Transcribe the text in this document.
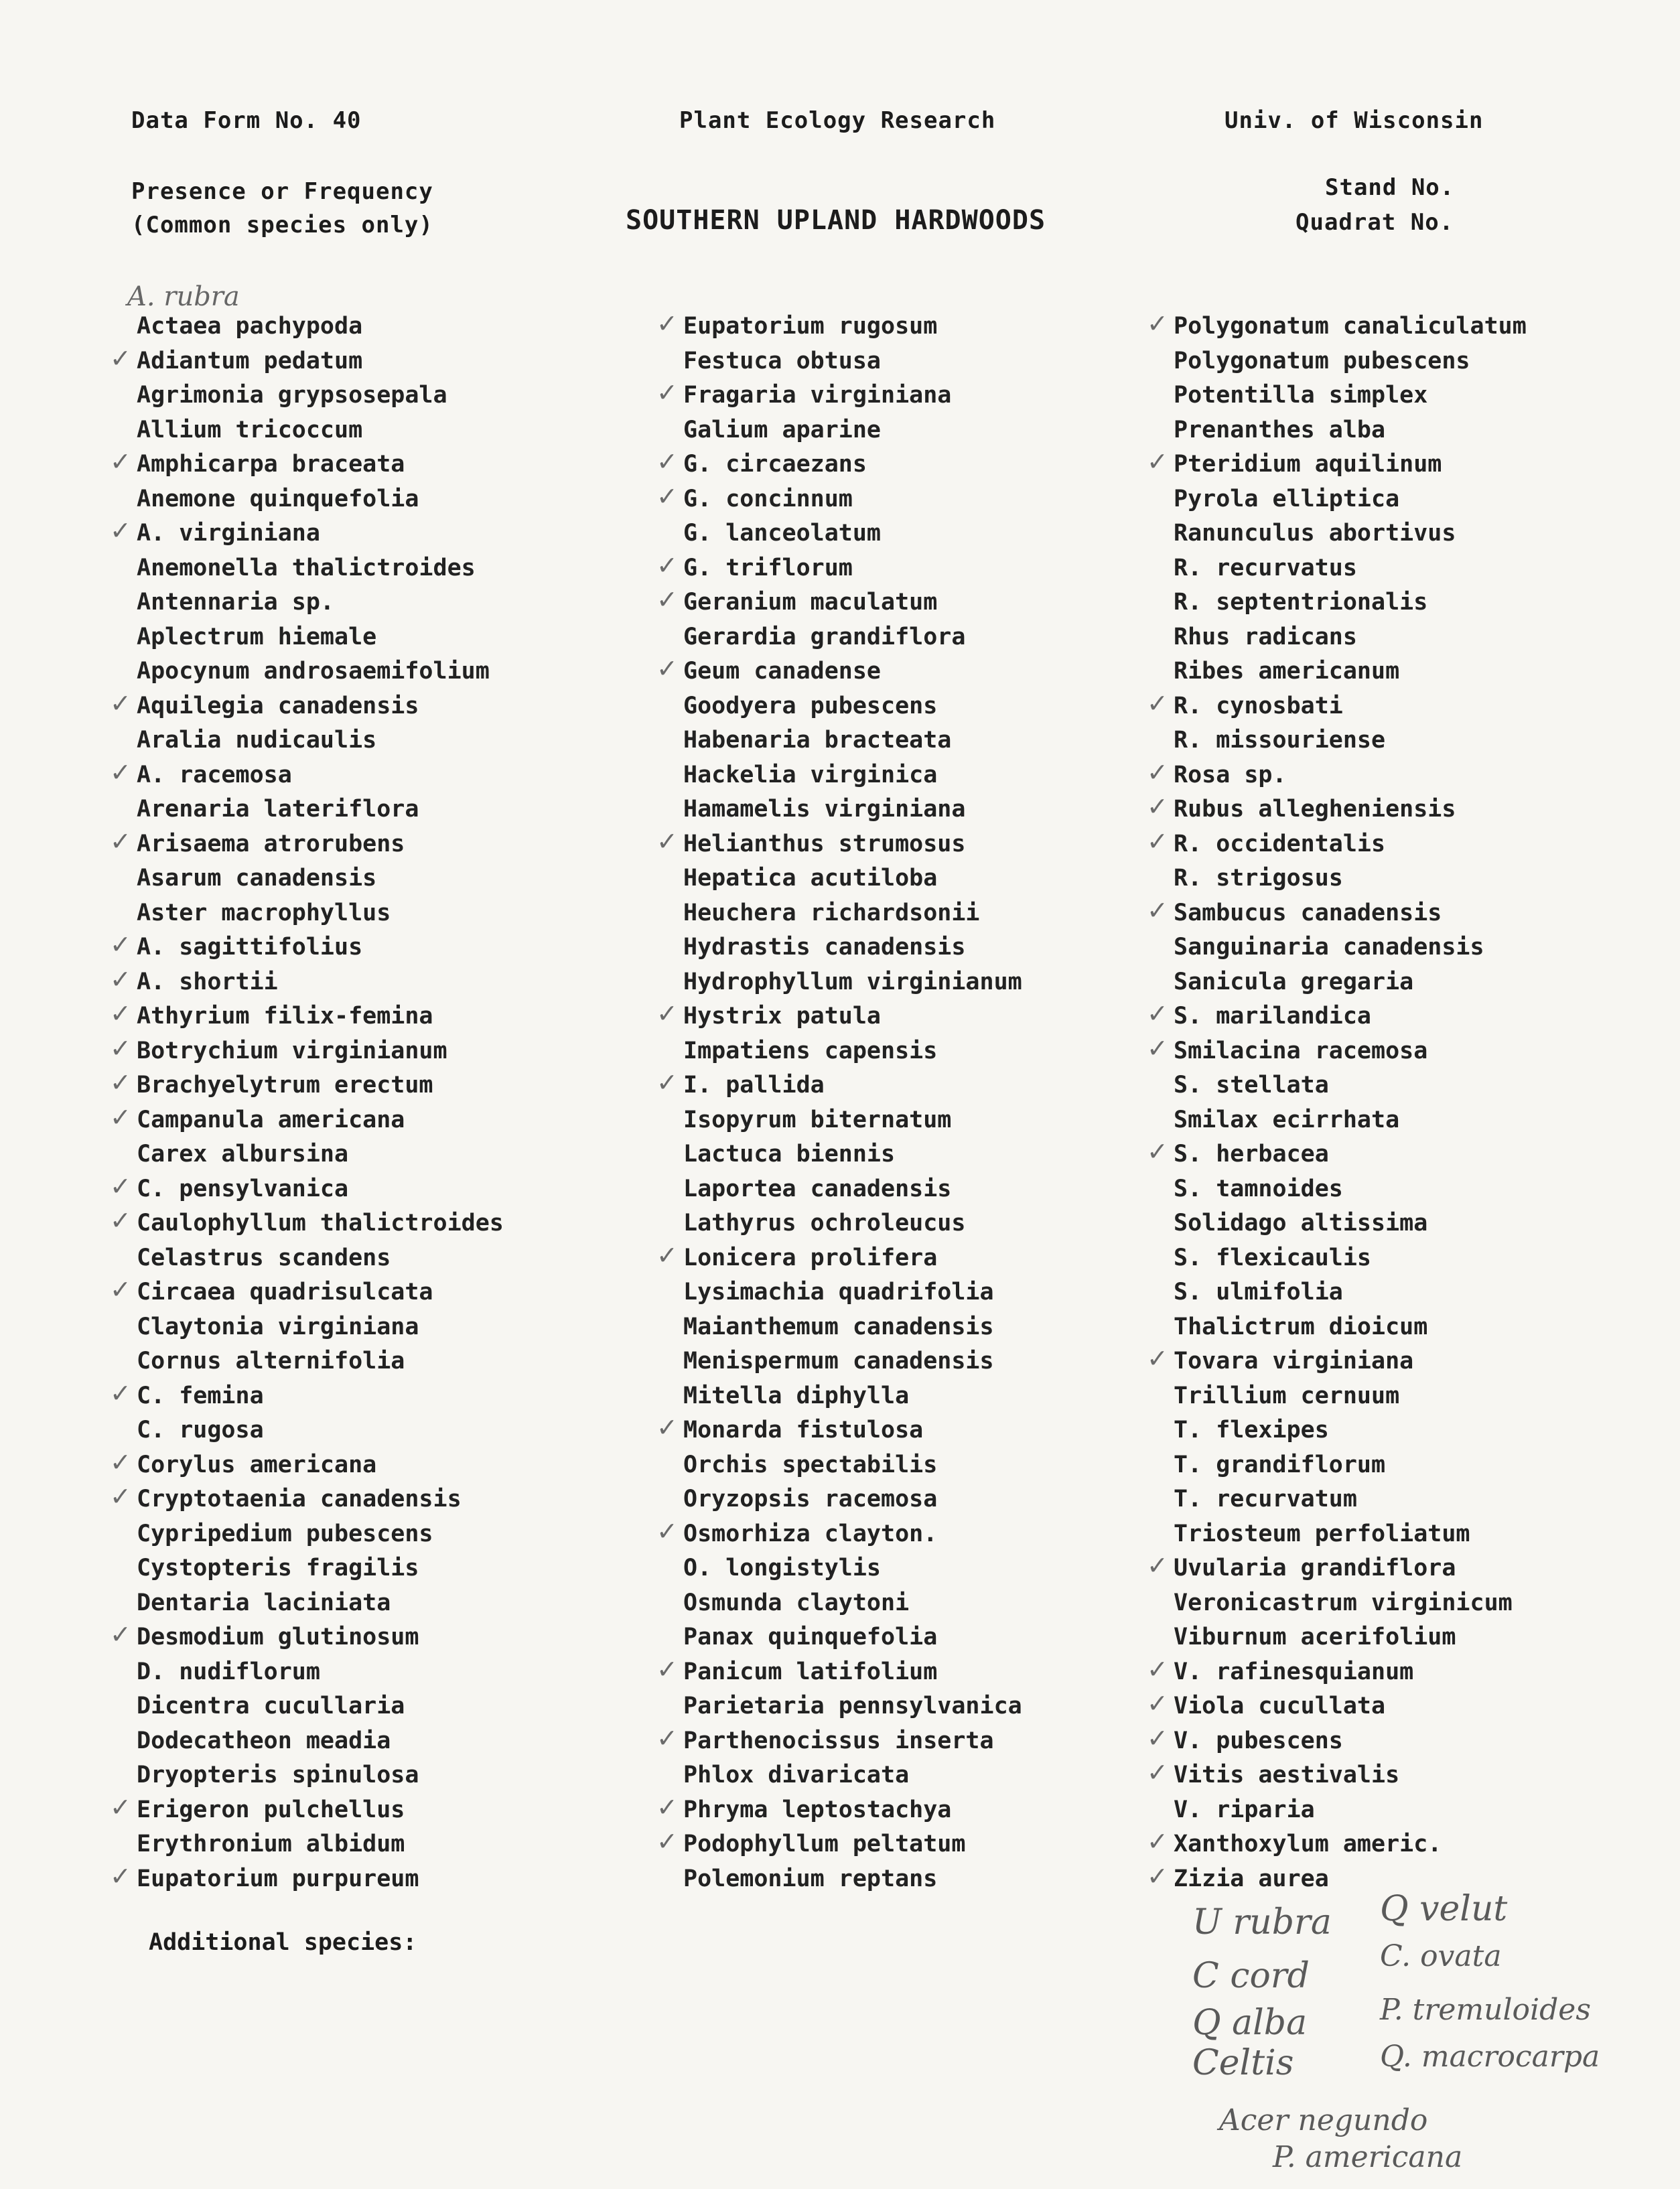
Data Form No. 40	Plant Ecology Research	Univ. of Wisconsin
Presence or Frequency
(Common species only)	SOUTHERN UPLAND HARDWOODS
Stand No.
Quadrat No.
A. rubra
Actaea pachypoda
✓ Adiantum pedatum
Agrimonia grypsosepala
Allium tricoccum
✓ Amphicarpa braceata
Anemone quinquefolia
✓ A. virginiana
Anemonella thalictroides
Antennaria sp.
Aplectrum hiemale
Apocynum androsaemifolium
✓ Aquilegia canadensis
Aralia nudicaulis
✓ A. racemosa
Arenaria lateriflora
✓ Arisaema atrorubens
Asarum canadensis
Aster macrophyllus
✓ A. sagittifolius
✓ A. shortii
✓ Athyrium filix-femina
✓ Botrychium virginianum
✓ Brachyelytrum erectum
✓ Campanula americana
Carex albursina
✓ C. pensylvanica
✓ Caulophyllum thalictroides
Celastrus scandens
✓ Circaea quadrisulcata
Claytonia virginiana
Cornus alternifolia
✓ C. femina
C. rugosa
✓ Corylus americana
✓ Cryptotaenia canadensis
Cypripedium pubescens
Cystopteris fragilis
Dentaria laciniata
✓ Desmodium glutinosum
D. nudiflorum
Dicentra cucullaria
Dodecatheon meadia
Dryopteris spinulosa
✓ Erigeron pulchellus
Erythronium albidum
✓ Eupatorium purpureum
✓ Eupatorium rugosum
Festuca obtusa
✓ Fragaria virginiana
Galium aparine
✓ G. circaezans
✓ G. concinnum
G. lanceolatum
✓ G. triflorum
✓ Geranium maculatum
Gerardia grandiflora
✓ Geum canadense
Goodyera pubescens
Habenaria bracteata
Hackelia virginica
Hamamelis virginiana
✓ Helianthus strumosus
Hepatica acutiloba
Heuchera richardsonii
Hydrastis canadensis
Hydrophyllum virginianum
✓ Hystrix patula
Impatiens capensis
✓ I. pallida
Isopyrum biternatum
Lactuca biennis
Laportea canadensis
Lathyrus ochroleucus
✓ Lonicera prolifera
Lysimachia quadrifolia
Maianthemum canadensis
Menispermum canadensis
Mitella diphylla
✓ Monarda fistulosa
Orchis spectabilis
Oryzopsis racemosa
✓ Osmorhiza clayton.
O. longistylis
Osmunda claytoni
Panax quinquefolia
✓ Panicum latifolium
Parietaria pennsylvanica
✓ Parthenocissus inserta
Phlox divaricata
✓ Phryma leptostachya
✓ Podophyllum peltatum
Polemonium reptans
✓ Polygonatum canaliculatum
Polygonatum pubescens
Potentilla simplex
Prenanthes alba
✓ Pteridium aquilinum
Pyrola elliptica
Ranunculus abortivus
R. recurvatus
R. septentrionalis
Rhus radicans
Ribes americanum
✓ R. cynosbati
R. missouriense
✓ Rosa sp.
✓ Rubus allegheniensis
✓ R. occidentalis
R. strigosus
✓ Sambucus canadensis
Sanguinaria canadensis
Sanicula gregaria
✓ S. marilandica
✓ Smilacina racemosa
S. stellata
Smilax ecirrhata
✓ S. herbacea
S. tamnoides
Solidago altissima
S. flexicaulis
S. ulmifolia
Thalictrum dioicum
✓ Tovara virginiana
Trillium cernuum
T. flexipes
T. grandiflorum
T. recurvatum
Triosteum perfoliatum
✓ Uvularia grandiflora
Veronicastrum virginicum
Viburnum acerifolium
✓ V. rafinesquianum
✓ Viola cucullata
✓ V. pubescens
✓ Vitis aestivalis
V. riparia
✓ Xanthoxylum americ.
✓ Zizia aurea
Additional species:	U rubra Q velut
C cord C. ovata
Q alba P. tremuloides
Celtis	Q. macrocarpa
Acer negundo
P. americana
